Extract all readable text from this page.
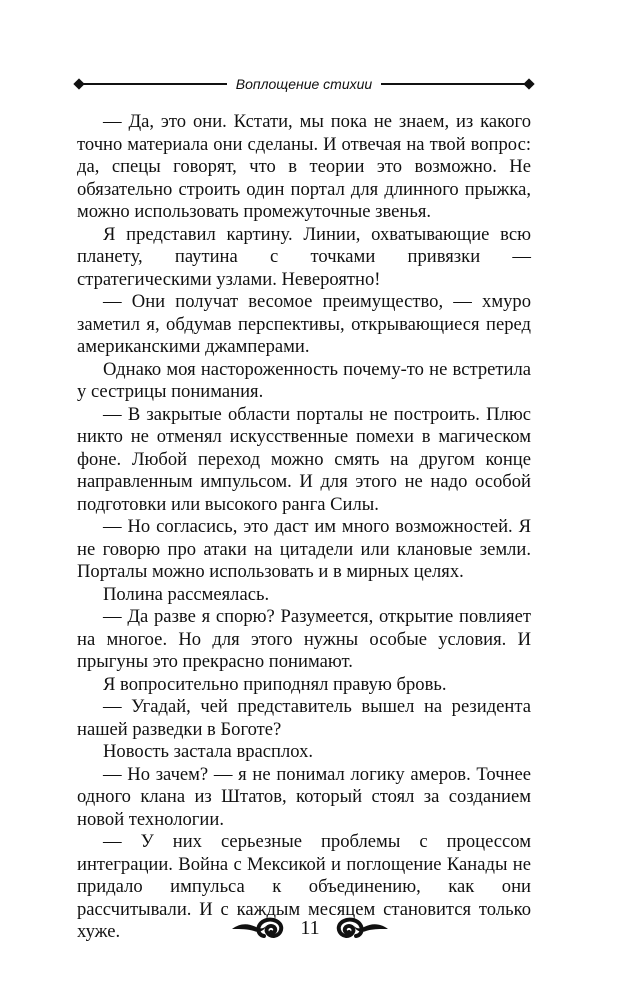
Воплощение стихии

— Да, это они. Кстати, мы пока не знаем, из какого точно материала они сделаны. И отвечая на твой вопрос: да, спецы говорят, что в теории это возможно. Не обязательно строить один портал для длинного прыжка, можно использовать промежуточные звенья.

Я представил картину. Линии, охватывающие всю планету, паутина с точками привязки — стратегическими узлами. Невероятно!

— Они получат весомое преимущество, — хмуро заметил я, обдумав перспективы, открывающиеся перед американскими джамперами.

Однако моя настороженность почему-то не встретила у сестрицы понимания.

— В закрытые области порталы не построить. Плюс никто не отменял искусственные помехи в магическом фоне. Любой переход можно смять на другом конце направленным импульсом. И для этого не надо особой подготовки или высокого ранга Силы.

— Но согласись, это даст им много возможностей. Я не говорю про атаки на цитадели или клановые земли. Порталы можно использовать и в мирных целях.

Полина рассмеялась.

— Да разве я спорю? Разумеется, открытие повлияет на многое. Но для этого нужны особые условия. И прыгуны это прекрасно понимают.

Я вопросительно приподнял правую бровь.

— Угадай, чей представитель вышел на резидента нашей разведки в Боготе?

Новость застала врасплох.

— Но зачем? — я не понимал логику амеров. Точнее одного клана из Штатов, который стоял за созданием новой технологии.

— У них серьезные проблемы с процессом интеграции. Война с Мексикой и поглощение Канады не придало импульса к объединению, как они рассчитывали. И с каждым месяцем становится только хуже.	11
